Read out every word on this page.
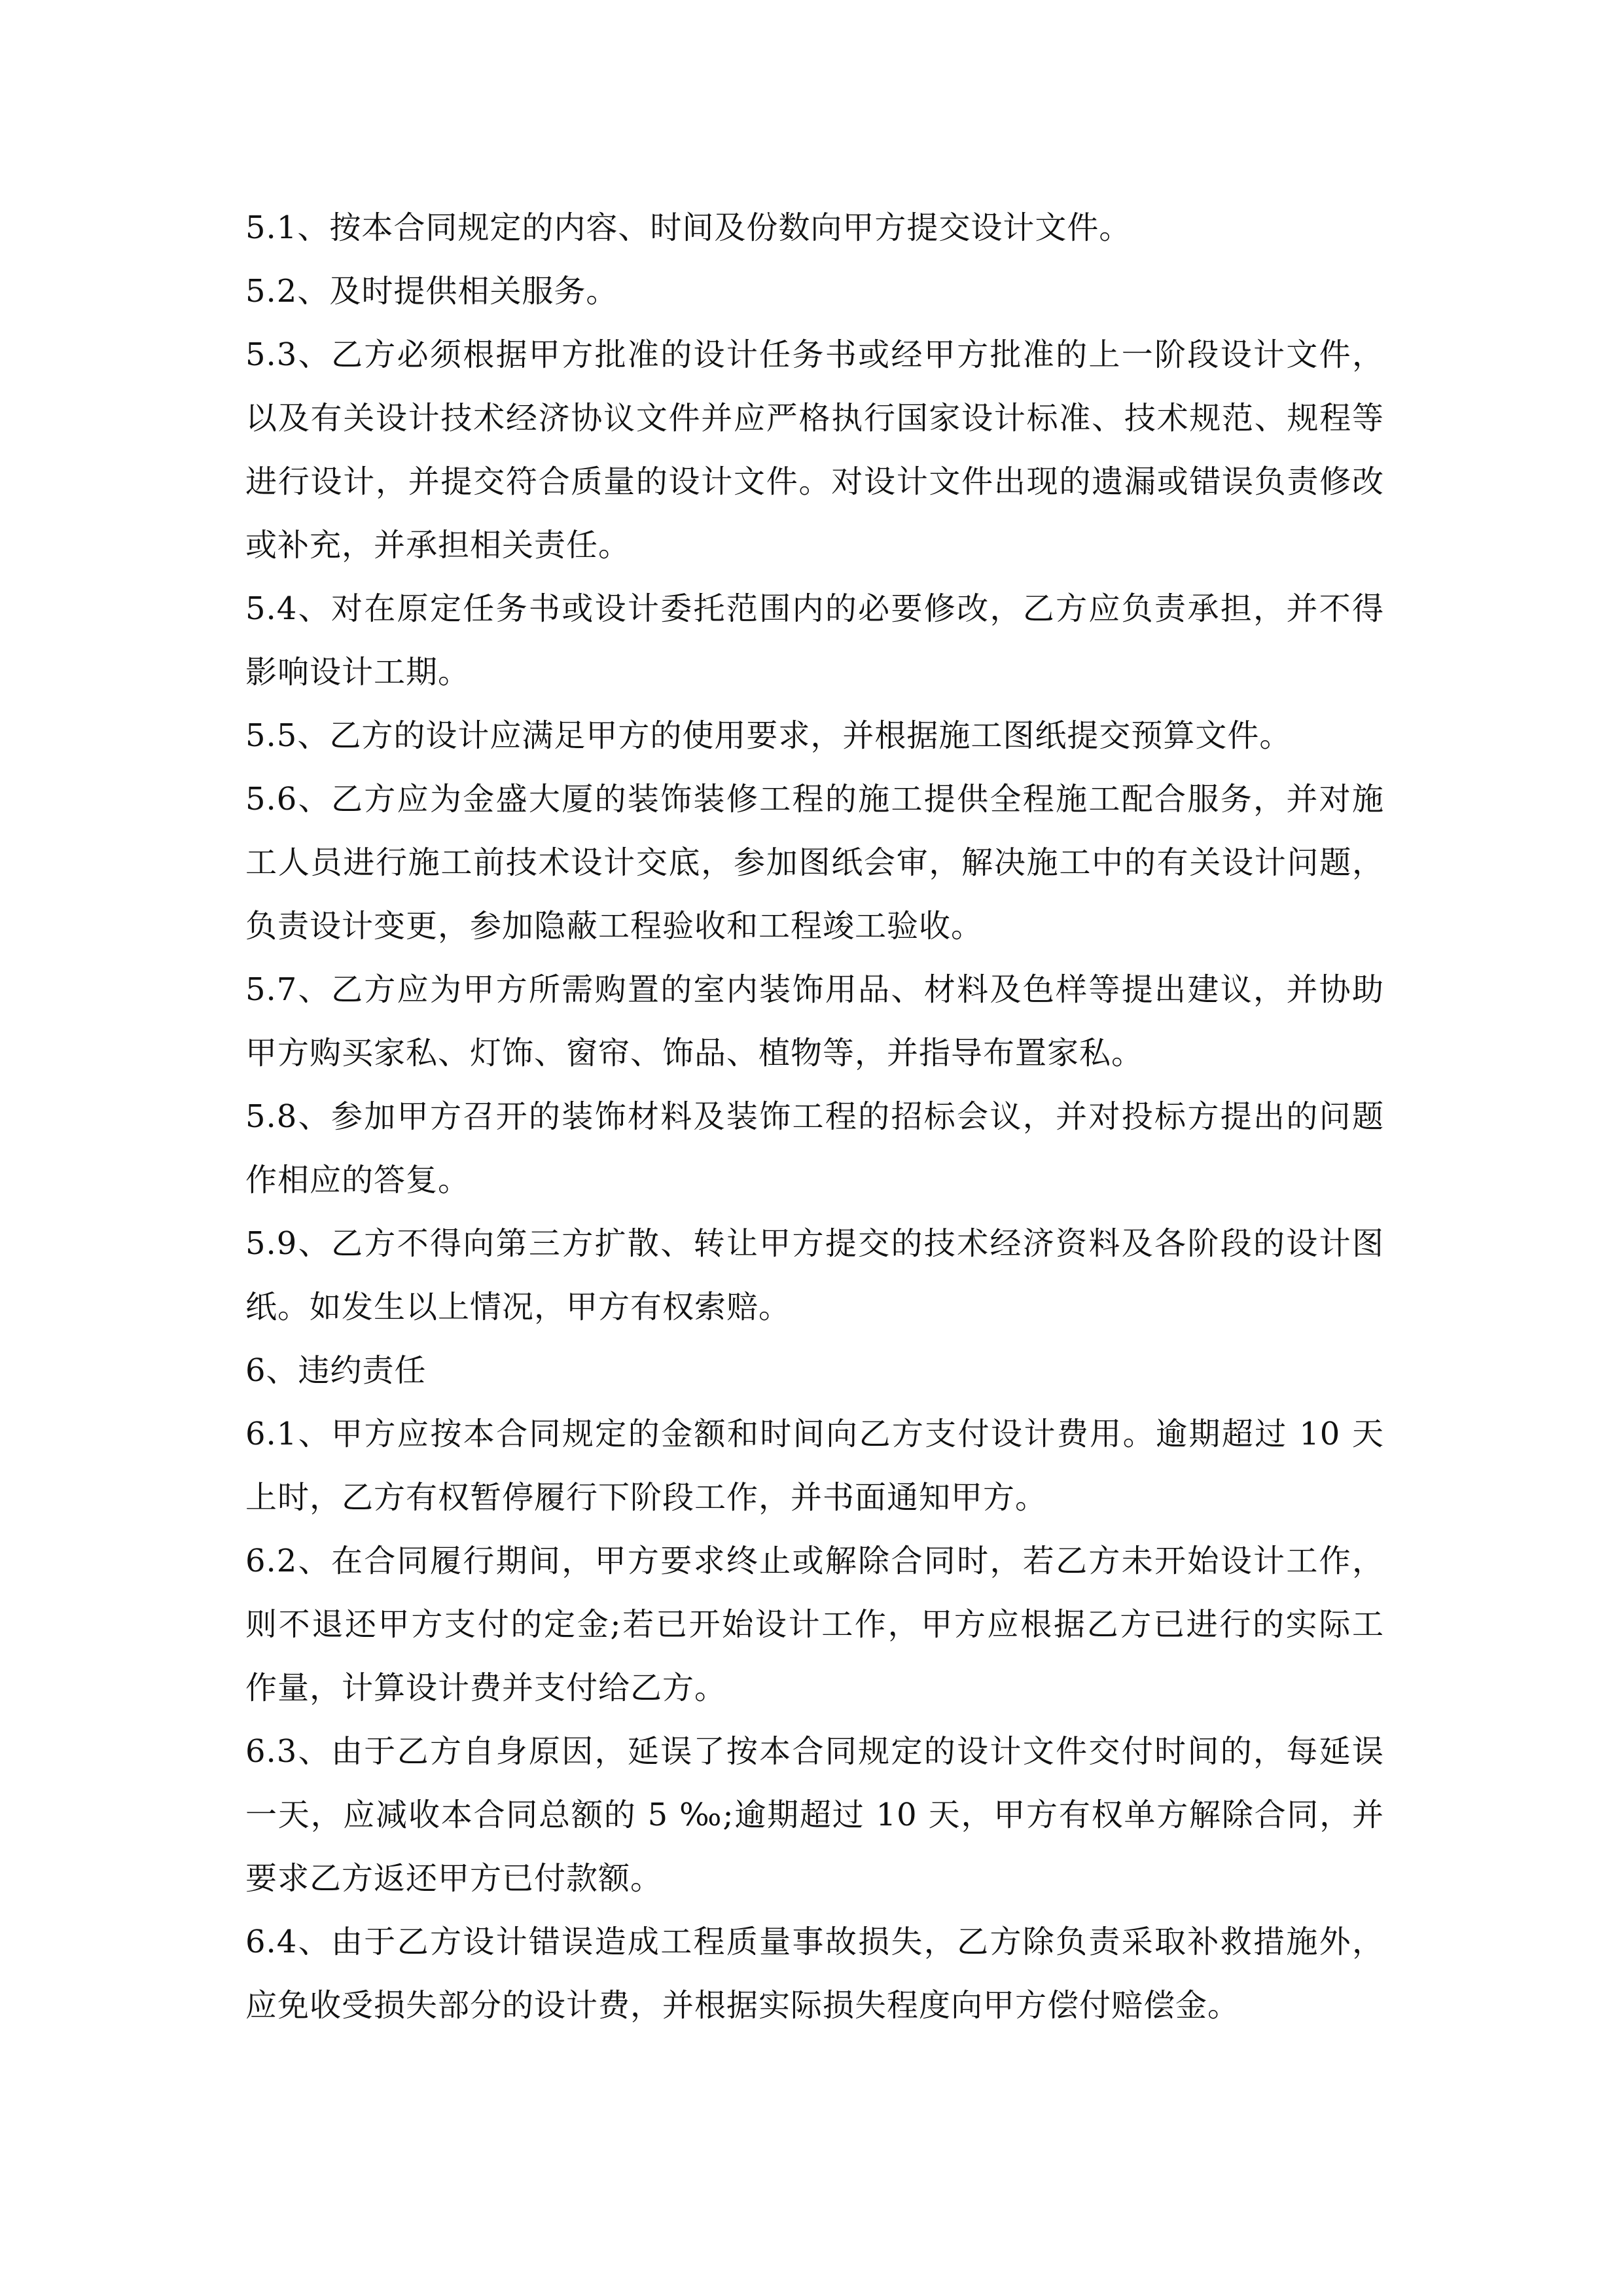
5.1、按本合同规定的内容、时间及份数向甲方提交设计文件。
5.2、及时提供相关服务。
5.3、乙方必须根据甲方批准的设计任务书或经甲方批准的上一阶段设计文件，
以及有关设计技术经济协议文件并应严格执行国家设计标准、技术规范、规程等
进行设计，并提交符合质量的设计文件。对设计文件出现的遗漏或错误负责修改
或补充，并承担相关责任。
5.4、对在原定任务书或设计委托范围内的必要修改，乙方应负责承担，并不得
影响设计工期。
5.5、乙方的设计应满足甲方的使用要求，并根据施工图纸提交预算文件。
5.6、乙方应为金盛大厦的装饰装修工程的施工提供全程施工配合服务，并对施
工人员进行施工前技术设计交底，参加图纸会审，解决施工中的有关设计问题，
负责设计变更，参加隐蔽工程验收和工程竣工验收。
5.7、乙方应为甲方所需购置的室内装饰用品、材料及色样等提出建议，并协助
甲方购买家私、灯饰、窗帘、饰品、植物等，并指导布置家私。
5.8、参加甲方召开的装饰材料及装饰工程的招标会议，并对投标方提出的问题
作相应的答复。
5.9、乙方不得向第三方扩散、转让甲方提交的技术经济资料及各阶段的设计图
纸。如发生以上情况，甲方有权索赔。
6、违约责任
6.1、甲方应按本合同规定的金额和时间向乙方支付设计费用。逾期超过 10 天
上时，乙方有权暂停履行下阶段工作，并书面通知甲方。
6.2、在合同履行期间，甲方要求终止或解除合同时，若乙方未开始设计工作，
则不退还甲方支付的定金;若已开始设计工作，甲方应根据乙方已进行的实际工
作量，计算设计费并支付给乙方。
6.3、由于乙方自身原因，延误了按本合同规定的设计文件交付时间的，每延误
一天，应减收本合同总额的 5 ‰;逾期超过 10 天，甲方有权单方解除合同，并
要求乙方返还甲方已付款额。
6.4、由于乙方设计错误造成工程质量事故损失，乙方除负责采取补救措施外，
应免收受损失部分的设计费，并根据实际损失程度向甲方偿付赔偿金。
